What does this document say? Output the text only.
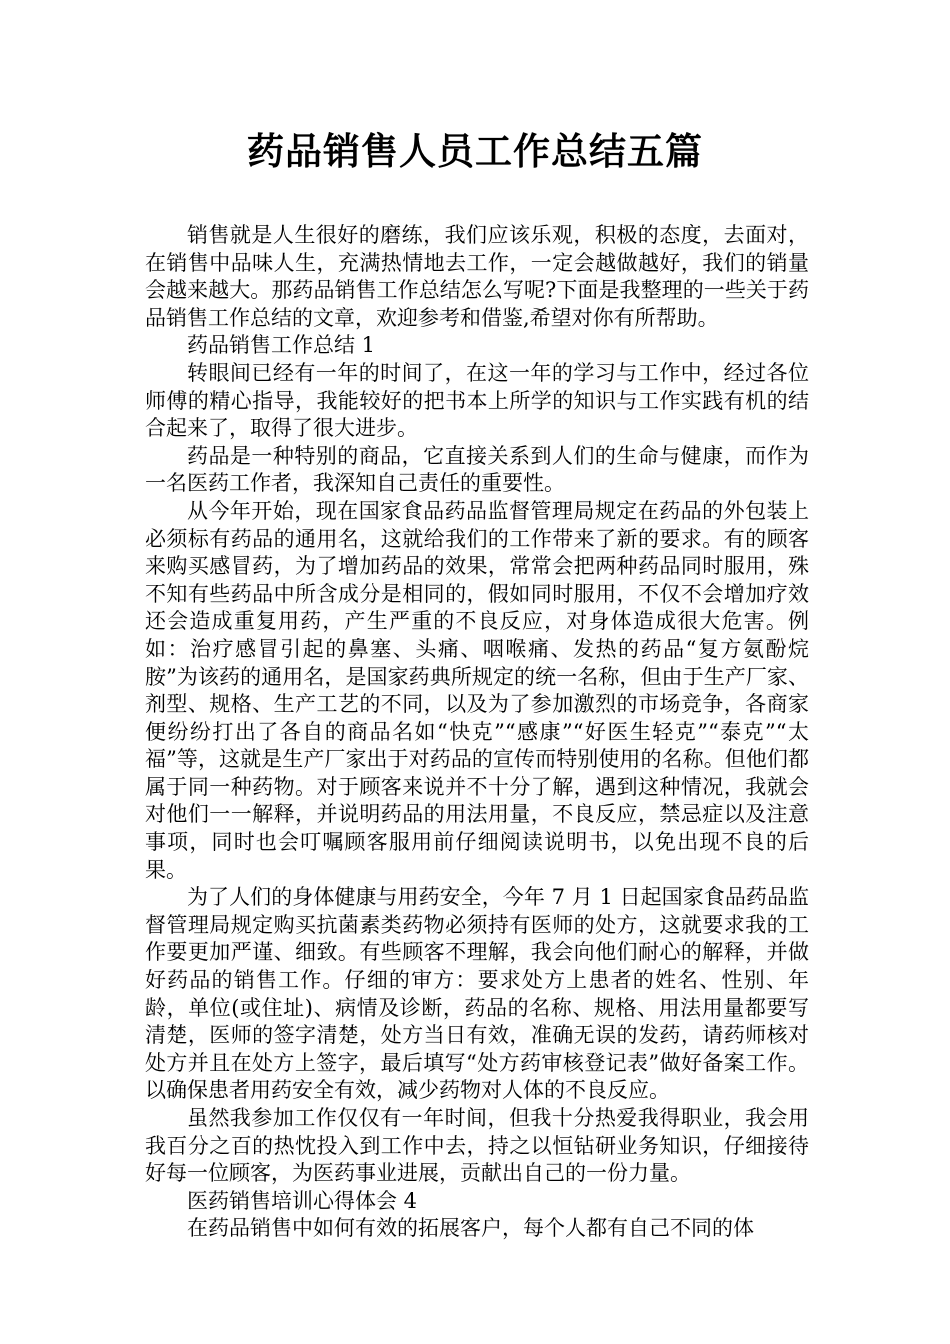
药品销售人员工作总结五篇

销售就是人生很好的磨练，我们应该乐观，积极的态度，去面对，在销售中品味人生，充满热情地去工作，一定会越做越好，我们的销量会越来越大。那药品销售工作总结怎么写呢?下面是我整理的一些关于药品销售工作总结的文章，欢迎参考和借鉴,希望对你有所帮助。

药品销售工作总结 1

转眼间已经有一年的时间了，在这一年的学习与工作中，经过各位师傅的精心指导，我能较好的把书本上所学的知识与工作实践有机的结合起来了，取得了很大进步。

药品是一种特别的商品，它直接关系到人们的生命与健康，而作为一名医药工作者，我深知自己责任的重要性。

从今年开始，现在国家食品药品监督管理局规定在药品的外包装上必须标有药品的通用名，这就给我们的工作带来了新的要求。有的顾客来购买感冒药，为了增加药品的效果，常常会把两种药品同时服用，殊不知有些药品中所含成分是相同的，假如同时服用，不仅不会增加疗效还会造成重复用药，产生严重的不良反应，对身体造成很大危害。例如：治疗感冒引起的鼻塞、头痛、咽喉痛、发热的药品“复方氨酚烷胺”为该药的通用名，是国家药典所规定的统一名称，但由于生产厂家、剂型、规格、生产工艺的不同，以及为了参加激烈的市场竞争，各商家便纷纷打出了各自的商品名如“快克”“感康”“好医生轻克”“泰克”“太福”等，这就是生产厂家出于对药品的宣传而特别使用的名称。但他们都属于同一种药物。对于顾客来说并不十分了解，遇到这种情况，我就会对他们一一解释，并说明药品的用法用量，不良反应，禁忌症以及注意事项，同时也会叮嘱顾客服用前仔细阅读说明书，以免出现不良的后果。

为了人们的身体健康与用药安全，今年 7 月 1 日起国家食品药品监督管理局规定购买抗菌素类药物必须持有医师的处方，这就要求我的工作要更加严谨、细致。有些顾客不理解，我会向他们耐心的解释，并做好药品的销售工作。仔细的审方：要求处方上患者的姓名、性别、年龄，单位(或住址)、病情及诊断，药品的名称、规格、用法用量都要写清楚，医师的签字清楚，处方当日有效，准确无误的发药，请药师核对处方并且在处方上签字，最后填写“处方药审核登记表”做好备案工作。以确保患者用药安全有效，减少药物对人体的不良反应。

虽然我参加工作仅仅有一年时间，但我十分热爱我得职业，我会用我百分之百的热忱投入到工作中去，持之以恒钻研业务知识，仔细接待好每一位顾客，为医药事业进展，贡献出自己的一份力量。

医药销售培训心得体会 4

在药品销售中如何有效的拓展客户，每个人都有自己不同的体
